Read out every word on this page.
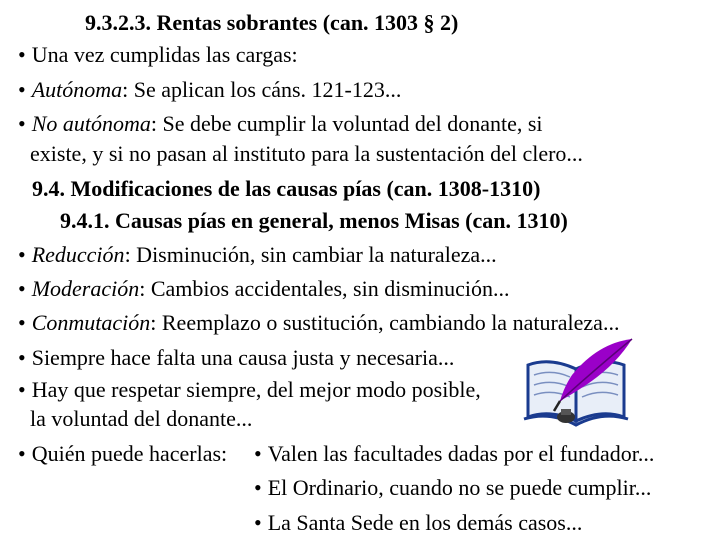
9.3.2.3. Rentas sobrantes (can. 1303 § 2)
• Una vez cumplidas las cargas:
• Autónoma: Se aplican los cáns. 121-123...
• No autónoma: Se debe cumplir la voluntad del donante, si
existe, y si no pasan al instituto para la sustentación del clero...
9.4. Modificaciones de las causas pías (can. 1308-1310)
9.4.1. Causas pías en general, menos Misas (can. 1310)
• Reducción: Disminución, sin cambiar la naturaleza...
• Moderación: Cambios accidentales, sin disminución...
• Conmutación: Reemplazo o sustitución, cambiando la naturaleza...
• Siempre hace falta una causa justa y necesaria...
• Hay que respetar siempre, del mejor modo posible,
la voluntad del donante...
• Quién puede hacerlas: • Valen las facultades dadas por el fundador...
• El Ordinario, cuando no se puede cumplir...
• La Santa Sede en los demás casos...
